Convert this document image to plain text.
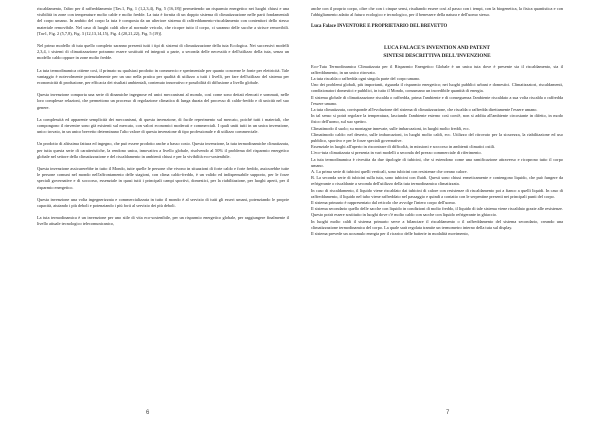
riscaldamento, l'altro per il raffreddamento [Tav.1, Fig. 1 (1,2,3,4), Fig. 5 (16,18)] permettendo un risparmio energetico nei luoghi chiusi e una visibilità in zone con temperature molto calde e molto fredde. La tuta è fornita di un doppio sistema di climatizzazione nelle parti fondamentali del corpo umano. In ambito del corpo la tuta è composta da un ulteriore sistema di raffreddamento-riscaldamento con contenitori dello stesso materiale removibile. Nel caso di luoghi caldi oltre al normale veicolo, che ricopre tutto il corpo, ci saranno delle sacche a strisce removibili. [Tav1, Fig. 2 (5,7,8), Fig. 3 (12,13,14,15), Fig. 4 (20,21,22), Fig. 5 (19)].

Nel primo modello di tuta quello completo saranno presenti tutti i tipi di sistemi di climatizzazione della tuta Ecologica. Nei successivi modelli 2,3,4, i sistemi di climatizzazione potranno essere sostituiti ed integrati a parte, a seconda delle necessità e dell'utilizzo della tuta, senza un modello caldo oppure in zone molto fredde.

La tuta termodinamica ottiene così, il primato su qualsiasi prodotto in commercio e sperimentale per quanto concerne le fonte per elettricità. Tale vantaggio è notevolmente potenzialmente per un uso nella pratica per qualità di utilizzo a tutti i livelli, per fare dell'utilizzo del sistema per economicità di produzione, per efficacia dei risultati ambientali, contenuto innovativo e possibilità di diffusione a livello globale.

Questa invenzione comporta una serie di dinamiche ingegnose ed unici meccanismi al mondo, così come sono dettati elencati e sommati, nelle loro complesse relazioni, che permettono un processo di regolazione climatica di lunga durata del processo di caldo-freddo e di unicità nel suo genere.

La complessità ed apparente semplicità dei meccanismi, di questa invenzione, di facile reperimento sul mercato, poiché tutti i materiali, che compongono il rinvenire sono già esistenti sul mercato, con valori economici moderati e commerciali. I quali uniti tutti in un unica invenzione, unico trovato, in un unico brevetto determinano l'alto valore di questa invenzione di tipo professionale e di utilizzo commerciale.

Un prodotto di altissima fattura ed ingegno, che può essere prodotto anche a basso costo. Questa invenzione, la tuta termodinamiche climatizzata, per tutta questa serie di caratteristiche, la rendono unica, innovativa a livello globale, risolvendo al 50% il problema del risparmio energetico globale nel settore della climatizzazione e del riscaldamento in ambienti chiusi e per la vivibilità eco-sostenibile.

Questa invenzione assicurerebbe in tutto il Mondo, tutte quelle le persone che vivono in situazioni di forte caldo e forte freddo, assicurebbe tutte le persone comuni nel mondo nell'affrontamento delle stagioni, con clima caldo-freddo, è un valido ed indispensabile supporto, per le forze speciali governative e di soccorso, essenziale in quasi tutti i principali campi sportivi, domestici, per la riabilitazione, per luoghi aperti, per il risparmio energetico.

Questa invenzione una volta ingegnerizzata e commercializzata in tutto il mondo è al servizio di tutti gli esseri umani, potenziando le proprie capacità, aiutando i più deboli e potenziando i più forti al servizio dei più deboli.

La tuta termodinamica è un invenzione per uno stile di vita eco-sostenibile, per un risparmio energetico globale, per raggiungere finalmente il livello attuale tecnologico telecomunicanico,

6

anche con il proprio corpo, oltre che con i cinque sensi, risultando essere così al passo con i tempi, con la biogenetica, la fisica quantistica e con l'abbigliamento adatto al futuro ecologico e tecnologico, per il benessere della natura e dell'uomo stesso.

Luca Falace INVENTORE E PROPRIETARIO DEL BREVETTO
LUCA FALACE'S INVENTION AND PATENT
SINTESI DESCRITTIVA DELL'INVENZIONE

Eco-Tuta Termodinamica Climatizzata per il Risparmio Energetico Globale è un unica tuta dove è presente sia il riscaldamento, sia il raffreddamento, in un unico ritrovato.

La tuta riscalda o raffredda ogni singola parte del corpo umano.

Uno dei problemi globali, più importanti, riguarda il risparmio energetico; nei luoghi pubblici urbani e domestici. Climatizzatori, riscaldamenti, condizionatori domestici e pubblici, in tutto il Mondo, consumano un incredibile quantità di energia.

Il sistema globale di climatizzazione riscalda o raffredda, prima l'ambiente e di conseguenza l'ambiente riscaldato a sua volta riscalda o raffredda l'essere umano.

La tuta climatizzata, corrisponde all'evoluzione del sistema di climatizzazione, che riscalda o raffredda direttamente l'essere umano.

In tal senso si potrà regolare la temperatura, lasciando l'ambiente esterno così com'è, non si addita all'ambiente circostante in difetto, in modo fisico dell'uomo, sul suo spettro.

Climatimodo il suolo; su montagne innevate, sulle imbarcazioni, in luoghi molto freddi, ecc.

Climatimodo caldo: nel deserto, sulle imbarcazioni, in luoghi molto caldi, ecc. Utilizzo del ritrovato per la sicurezza, la riabilitazione ed uso pubblico, sportivo e per le forze speciali governative.

Essenziale in luoghi all'aperto in riscontrare di difficoltà, in missioni e soccorso in ambienti climatici ostili.

L'eco-tuta climatizzata si presenta in vari modelli a seconda del prezzo commerciale di riferimento.

La tuta termodinamica è rivestita da due tipologie di tubicini, che si estendono come una ramificazione attraverso e ricoprono tutto il corpo umano.

A. La prima serie di tubicini quelli verticali, sono tubicini con resistenze che creano calore.

B. La seconda serie di tubicini sulla tuta, sono tubicini con fluidi. Questi sono chiusi ermeticamente e contengono liquido, che può fungere da refrigerante o riscaldante a seconda dell'utilizzo della tuta termodinamica climatizzata.

In caso di riscaldamento, il liquido viene riscaldato dai tubicini di calore con resistenze di riscaldamento poi a fianco a quelli liquidi. In caso di raffreddamento, il liquido nel tubo viene raffreddato nel passaggio e quindi a contatto con le serpentine presenti nei principali punti del corpo.

Il sistema primario è rappresentato dal reticolo che avvolge l'intero corpo dell'uomo.

Il sistema secondario quello delle sacche con liquido in condizioni di molto freddo, il liquido di tale sistema viene riscaldato grazie alle resistenze. Questo potrà essere sostituito in luoghi dove c'è molto caldo con sacche con liquido refrigerante in ghiaccio.

In luoghi molto caldi il sistema primario serve a bilanciare il riscaldamento o il raffreddamento del sistema secondario, creando una climatizzazione termodinamica del corpo. La quale sarà regolata tramite un termometro interno della tuta sul display.

Il sistema prevede un accumulo energia per il ricarico delle batterie in modalità movimento,

7
